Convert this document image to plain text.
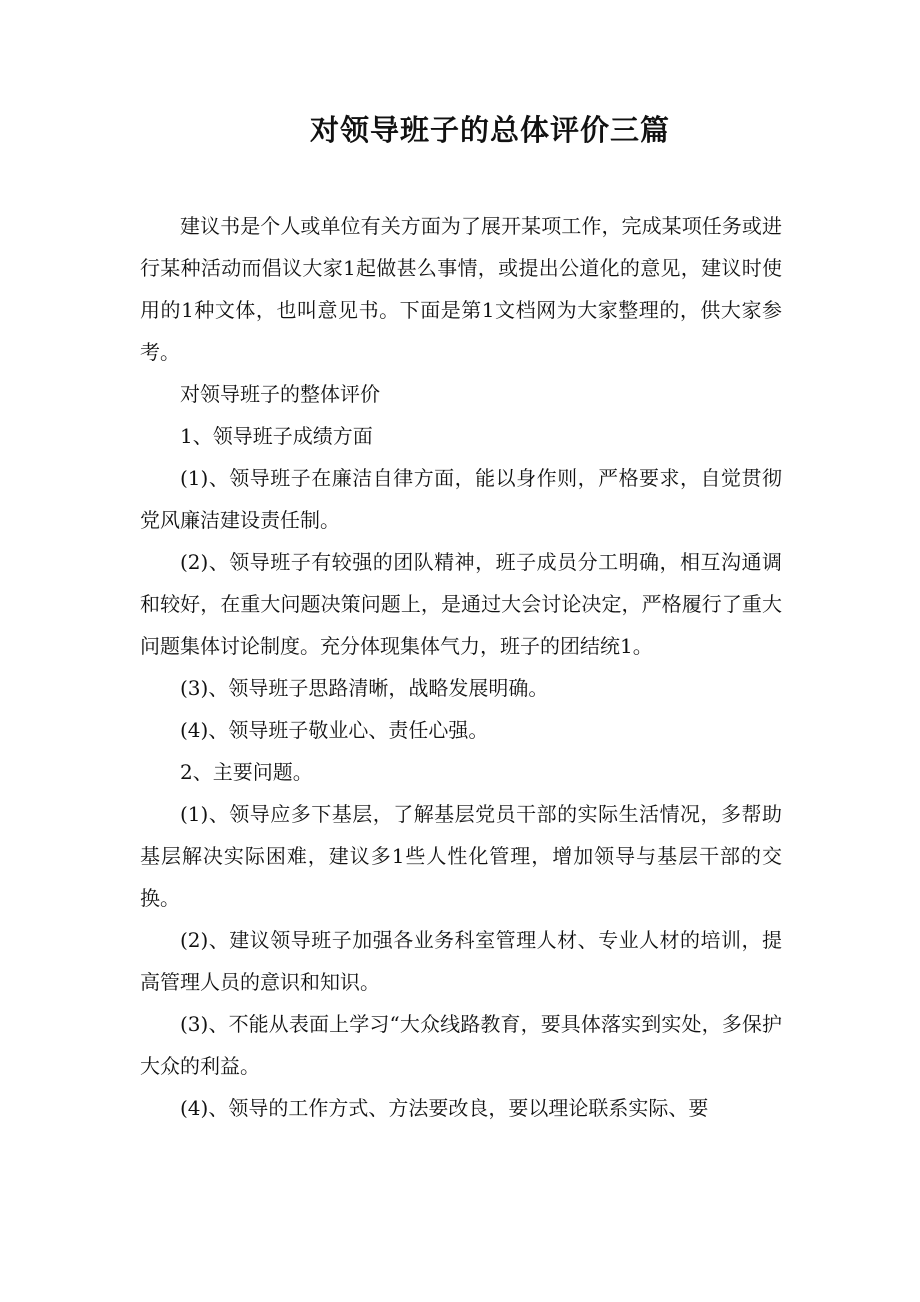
对领导班子的总体评价三篇

建议书是个人或单位有关方面为了展开某项工作，完成某项任务或进行某种活动而倡议大家1起做甚么事情，或提出公道化的意见，建议时使用的1种文体，也叫意见书。下面是第1文档网为大家整理的，供大家参考。

对领导班子的整体评价

1、领导班子成绩方面

(1)、领导班子在廉洁自律方面，能以身作则，严格要求，自觉贯彻党风廉洁建设责任制。

(2)、领导班子有较强的团队精神，班子成员分工明确，相互沟通调和较好，在重大问题决策问题上，是通过大会讨论决定，严格履行了重大问题集体讨论制度。充分体现集体气力，班子的团结统1。

(3)、领导班子思路清晰，战略发展明确。

(4)、领导班子敬业心、责任心强。

2、主要问题。

(1)、领导应多下基层，了解基层党员干部的实际生活情况，多帮助基层解决实际困难，建议多1些人性化管理，增加领导与基层干部的交换。

(2)、建议领导班子加强各业务科室管理人材、专业人材的培训，提高管理人员的意识和知识。

(3)、不能从表面上学习“大众线路教育，要具体落实到实处，多保护大众的利益。

(4)、领导的工作方式、方法要改良，要以理论联系实际、要
